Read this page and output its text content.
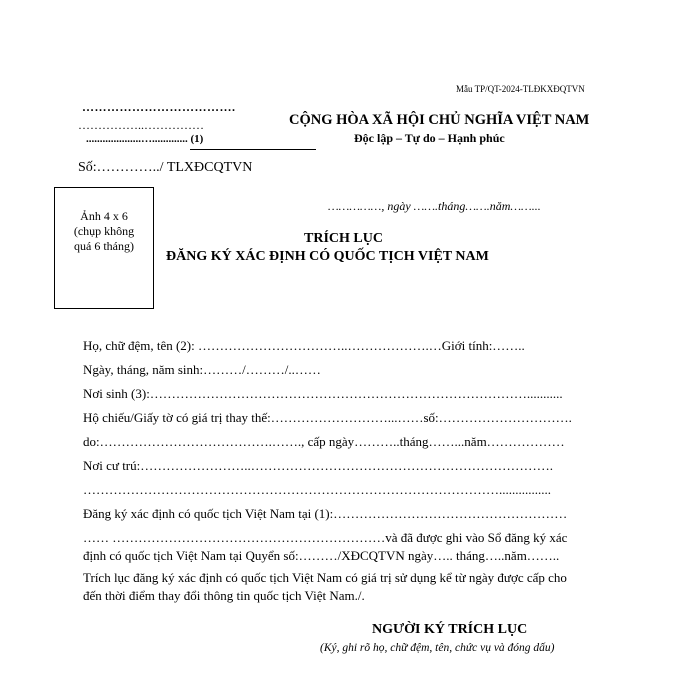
Mẫu TP/QT-2024-TLĐKXĐQTVN
……………………………….
……………..……………
....................…............. (1)
CỘNG HÒA XÃ HỘI CHỦ NGHĨA VIỆT NAM
Độc lập – Tự do – Hạnh phúc
Số:…………../ TLXĐCQTVN
……………, ngày …….tháng…….năm……...
Ảnh 4 x 6
(chụp không
quá 6 tháng)	TRÍCH LỤC
ĐĂNG KÝ XÁC ĐỊNH CÓ QUỐC TỊCH VIỆT NAM
Họ, chữ đệm, tên (2): ……………………………..……………….…Giới tính:……..
Ngày, tháng, năm sinh:………/………/..……
Nơi sinh (3):……………………………………………………………………………...........
Hộ chiếu/Giấy tờ có giá trị thay thế:………………………...……số:………………………….
do:………………………………….……., cấp ngày………..tháng……...năm………………
Nơi cư trú:……………………..…………………………………………………………….
……………………………………………………………………………………................
Đăng ký xác định có quốc tịch Việt Nam tại (1):………………………………………………
…… ………………………………………………………và đã được ghi vào Sổ đăng ký xác
định có quốc tịch Việt Nam tại Quyển số:………/XĐCQTVN ngày….. tháng…..năm……..
Trích lục đăng ký xác định có quốc tịch Việt Nam có giá trị sử dụng kể từ ngày được cấp cho
đến thời điểm thay đổi thông tin quốc tịch Việt Nam./.
NGƯỜI KÝ TRÍCH LỤC
(Ký, ghi rõ họ, chữ đệm, tên, chức vụ và đóng dấu)
